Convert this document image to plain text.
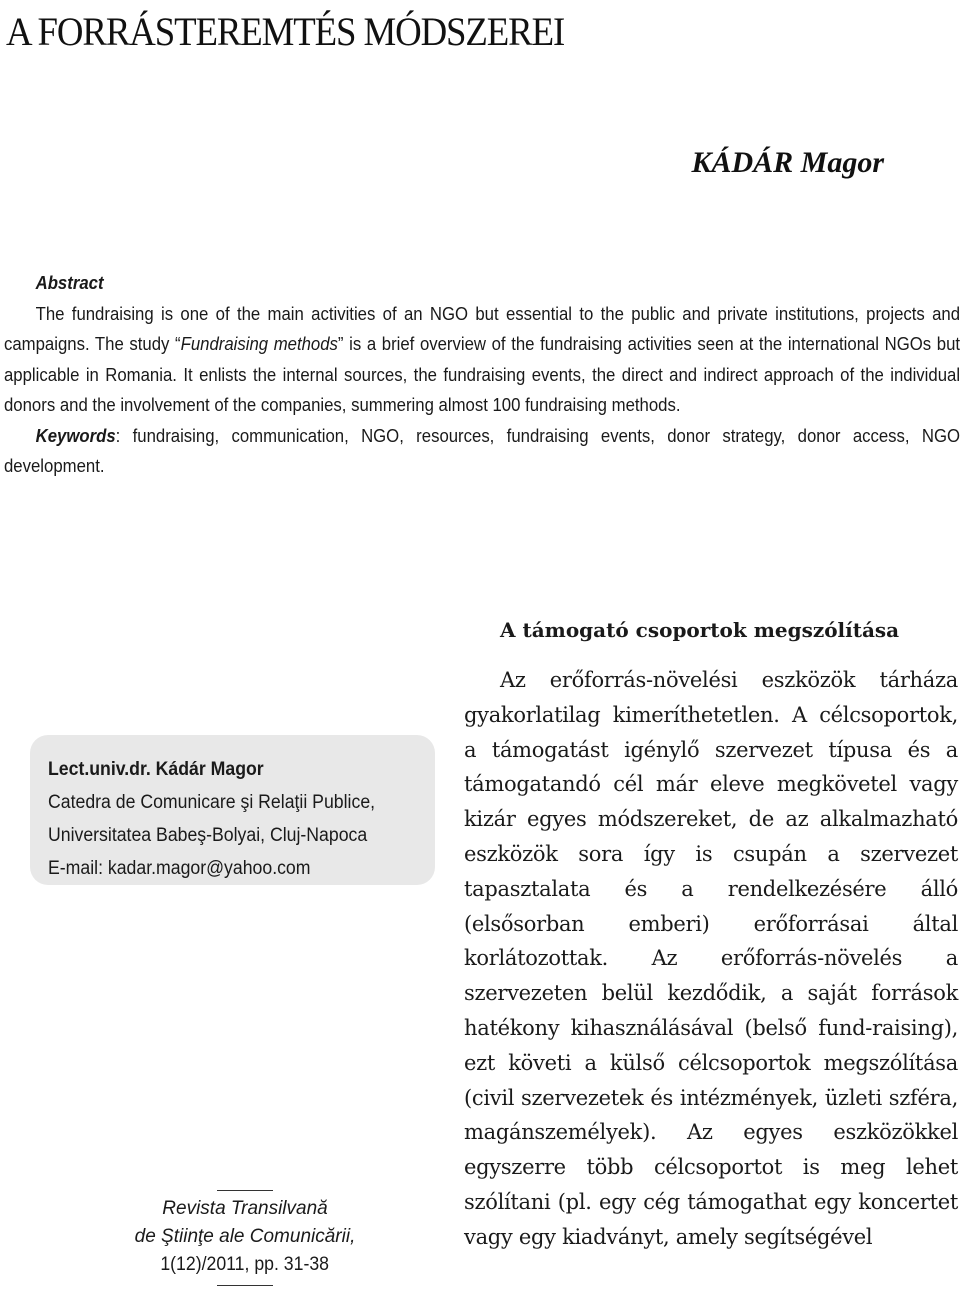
A FORRÁSTEREMTÉS MÓDSZEREI
KÁDÁR Magor

Abstract

The fundraising is one of the main activities of an NGO but essential to the public and private institutions, projects and campaigns. The study “Fundraising methods” is a brief overview of the fundraising activities seen at the international NGOs but applicable in Romania. It enlists the internal sources, the fundraising events, the direct and indirect approach of the individual donors and the involvement of the companies, summering almost 100 fundraising methods.

Keywords: fundraising, communication, NGO, resources, fundraising events, donor strategy, donor access, NGO development.

A támogató csoportok megszólítása

Az erőforrás-növelési eszközök tárháza gyakorlatilag kimeríthetetlen. A célcsoportok, a támogatást igénylő szervezet típusa és a támogatandó cél már eleve megkövetel vagy kizár egyes módszereket, de az alkalmazható eszközök sora így is csupán a szervezet tapasztalata és a rendelkezésére álló (elsősorban emberi) erőforrásai által korlátozottak. Az erőforrás-növelés a szervezeten belül kezdődik, a saját források hatékony kihasználásával (belső fund-raising), ezt követi a külső célcsoportok megszólítása (civil szervezetek és intézmények, üzleti szféra, magánszemélyek). Az egyes eszközökkel egyszerre több célcsoportot is meg lehet szólítani (pl. egy cég támogathat egy koncertet vagy egy kiadványt, amely segítségével

Lect.univ.dr. Kádár Magor
Catedra de Comunicare şi Relaţii Publice,
Universitatea Babeş-Bolyai, Cluj-Napoca
E-mail: kadar.magor@yahoo.com
Revista Transilvană
de Ştiinţe ale Comunicării,
1(12)/2011, pp. 31-38
